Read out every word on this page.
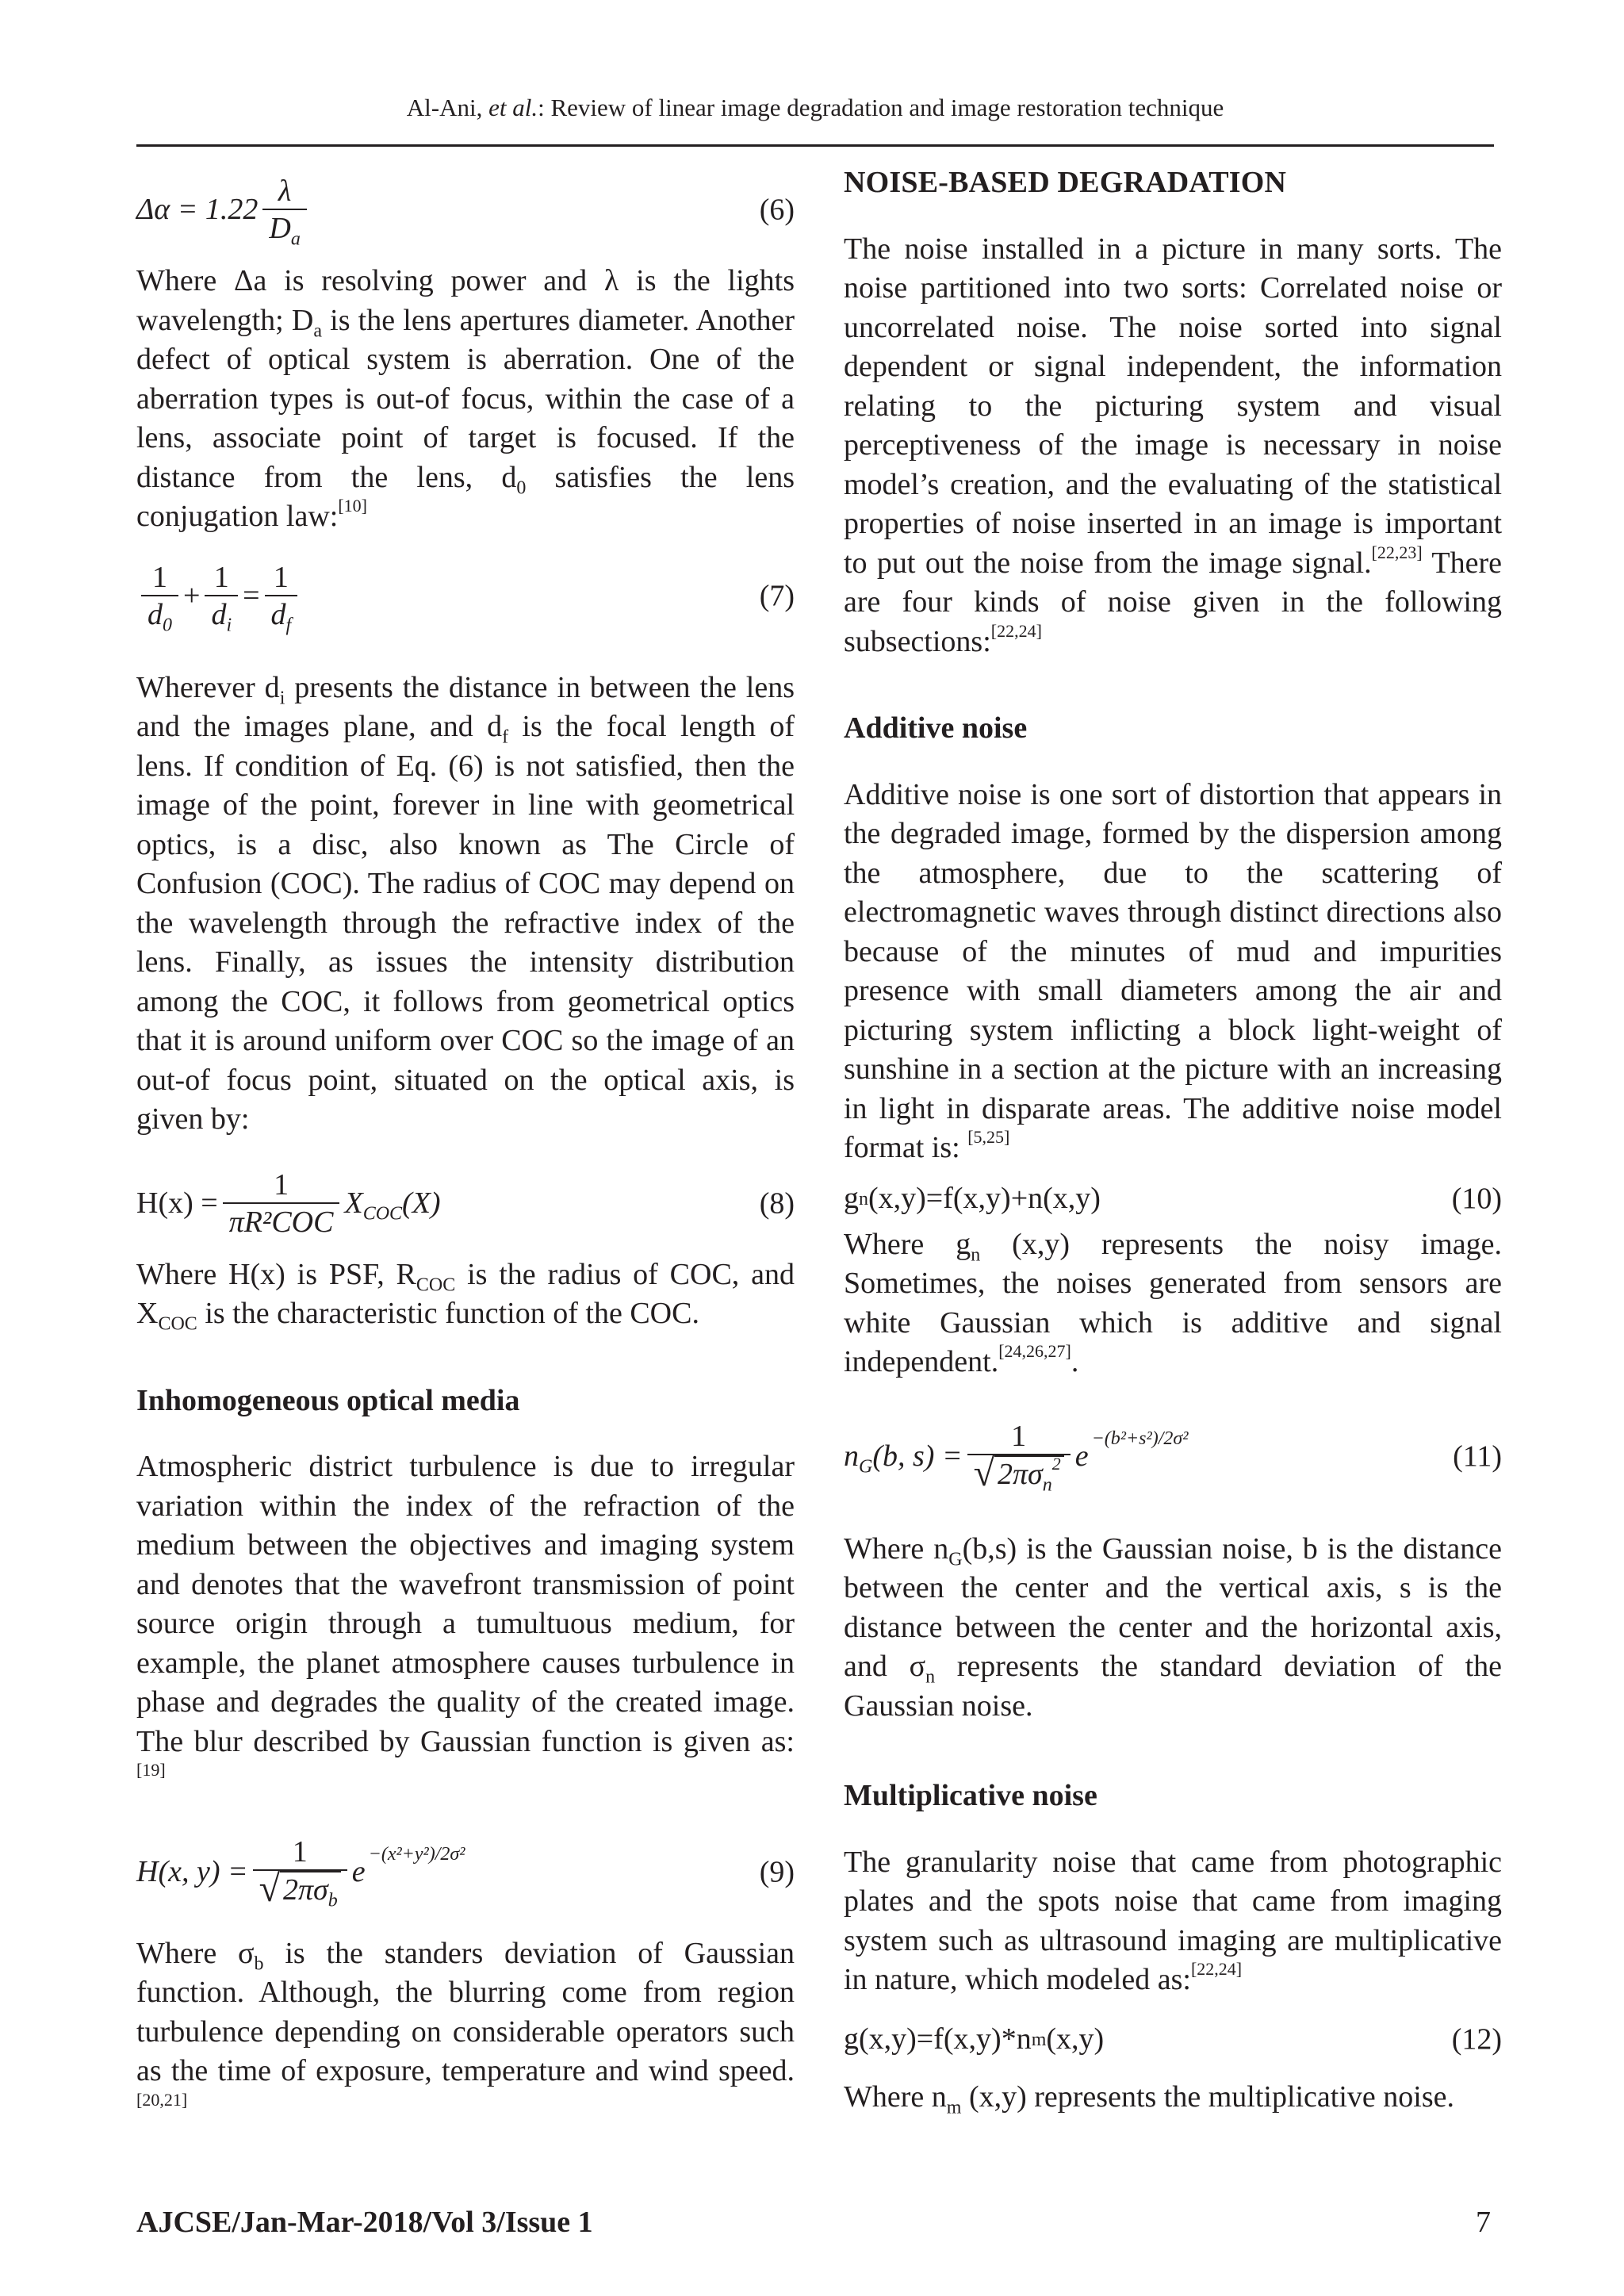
Al-Ani, et al.: Review of linear image degradation and image restoration technique
$\Delta\alpha = 1.22 \frac{\lambda}{D_a}$	(6)

Where Δa is resolving power and λ is the lights wavelength; $D_a$ is the lens apertures diameter. Another defect of optical system is aberration. One of the aberration types is out-of focus, within the case of a lens, associate point of target is focused. If the distance from the lens, $d_0$ satisfies the lens conjugation law:[10]

$\frac{1}{d_0} + \frac{1}{d_i} = \frac{1}{d_f}$	(7)

Wherever $d_i$ presents the distance in between the lens and the images plane, and $d_f$ is the focal length of lens. If condition of Eq. (6) is not satisfied, then the image of the point, forever in line with geometrical optics, is a disc, also known as The Circle of Confusion (COC). The radius of COC may depend on the wavelength through the refractive index of the lens. Finally, as issues the intensity distribution among the COC, it follows from geometrical optics that it is around uniform over COC so the image of an out-of focus point, situated on the optical axis, is given by:

$H(x) = \frac{1}{\text{πR²COC}} X_{COC}(X)$	(8)

Where H(x) is PSF, $R_{COC}$ is the radius of COC, and $X_{COC}$ is the characteristic function of the COC.

Inhomogeneous optical media

Atmospheric district turbulence is due to irregular variation within the index of the refraction of the medium between the objectives and imaging system and denotes that the wavefront transmission of point source origin through a tumultuous medium, for example, the planet atmosphere causes turbulence in phase and degrades the quality of the created image. The blur described by Gaussian function is given as: [19]

H(x, $y) = \frac{1}{√ 2\pi\sigma_b}$ e
−(x²+y²)/2σ²
(9)

Where $\sigma_b$ is the standers deviation of Gaussian function. Although, the blurring come from region turbulence depending on considerable operators such as the time of exposure, temperature and wind speed.[20,21]

NOISE-BASED DEGRADATION

The noise installed in a picture in many sorts. The noise partitioned into two sorts: Correlated noise or uncorrelated noise. The noise sorted into signal dependent or signal independent, the information relating to the picturing system and visual perceptiveness of the image is necessary in noise model’s creation, and the evaluating of the statistical properties of noise inserted in an image is important to put out the noise from the image signal.[22,23] There are four kinds of noise given in the following subsections:[22,24]

Additive noise

Additive noise is one sort of distortion that appears in the degraded image, formed by the dispersion among the atmosphere, due to the scattering of electromagnetic waves through distinct directions also because of the minutes of mud and impurities presence with small diameters among the air and picturing system inflicting a block light-weight of sunshine in a section at the picture with an increasing in light in disparate areas. The additive noise model format is: [5,25]

g n (x,y)=f(x,y)+n(x,y)	(10)

Where $g_n$ (x,y) represents the noisy image. Sometimes, the noises generated from sensors are white Gaussian which is additive and signal independent.[24,26,27].

$n_G(b$, $s) = \frac{1}{√ 2\pi\sigma_n^2}$ e
−(b²+s²)/2σ²
(11)

Where $n_G(b,s)$ is the Gaussian noise, b is the distance between the center and the vertical axis, s is the distance between the center and the horizontal axis, and $\sigma_n$ represents the standard deviation of the Gaussian noise.

Multiplicative noise

The granularity noise that came from photographic plates and the spots noise that came from imaging system such as ultrasound imaging are multiplicative in nature, which modeled as:[22,24]

g(x,y)=f(x,y)*n m (x,y)	(12)

Where $n_m$ (x,y) represents the multiplicative noise.

AJCSE/Jan-Mar-2018/Vol 3/Issue 1	7
